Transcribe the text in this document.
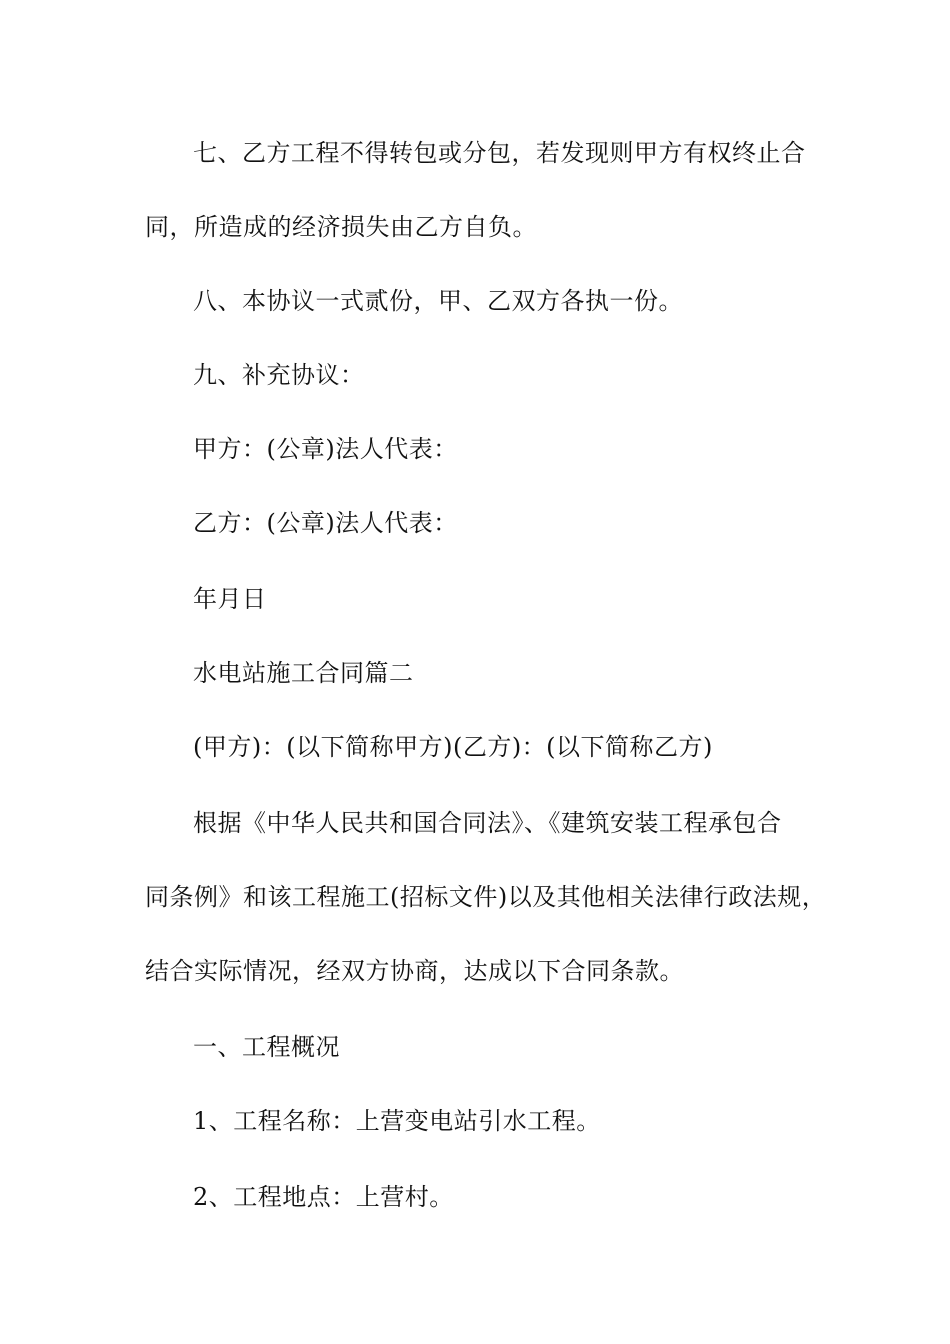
七、乙方工程不得转包或分包，若发现则甲方有权终止合
同，所造成的经济损失由乙方自负。
八、本协议一式贰份，甲、乙双方各执一份。
九、补充协议：
甲方：(公章)法人代表：
乙方：(公章)法人代表：
年月日
水电站施工合同篇二
(甲方)：(以下简称甲方)(乙方)：(以下简称乙方)
根据《中华人民共和国合同法》、《建筑安装工程承包合
同条例》和该工程施工(招标文件)以及其他相关法律行政法规，
结合实际情况，经双方协商，达成以下合同条款。
一、工程概况
1、工程名称：上营变电站引水工程。
2、工程地点：上营村。
